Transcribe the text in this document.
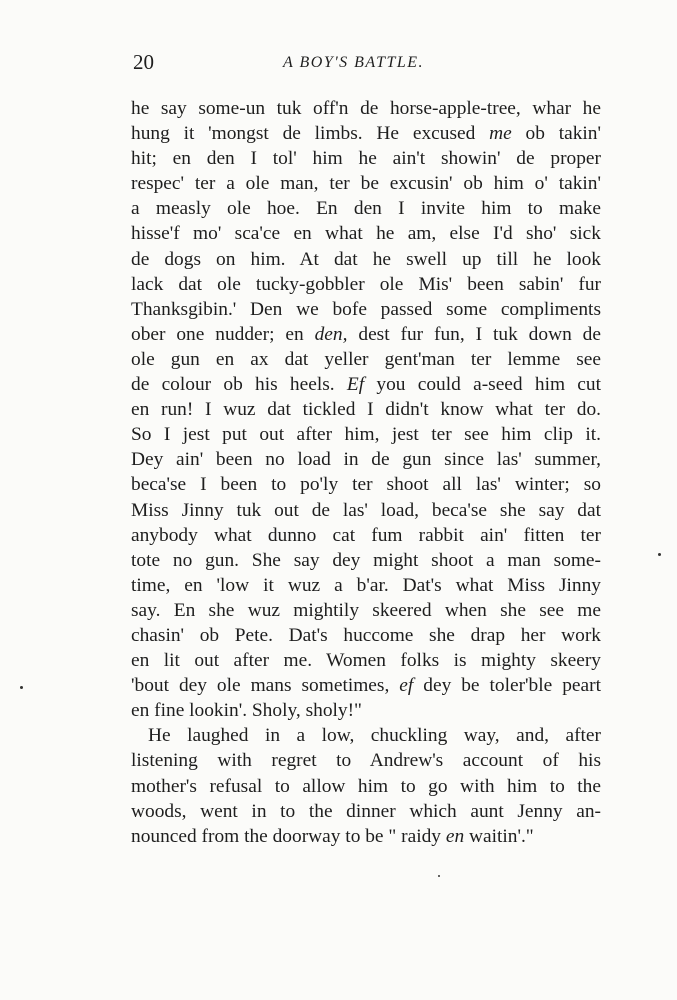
20	A BOY'S BATTLE.
he say some-un tuk off'n de horse-apple-tree, whar he
hung it 'mongst de limbs. He excused me ob takin'
hit; en den I tol' him he ain't showin' de proper
respec' ter a ole man, ter be excusin' ob him o' takin'
a measly ole hoe. En den I invite him to make
hisse'f mo' sca'ce en what he am, else I'd sho' sick
de dogs on him. At dat he swell up till he look
lack dat ole tucky-gobbler ole Mis' been sabin' fur
Thanksgibin.' Den we bofe passed some compliments
ober one nudder; en den, dest fur fun, I tuk down de
ole gun en ax dat yeller gent'man ter lemme see
de colour ob his heels. Ef you could a-seed him cut
en run! I wuz dat tickled I didn't know what ter do.
So I jest put out after him, jest ter see him clip it.
Dey ain' been no load in de gun since las' summer,
beca'se I been to po'ly ter shoot all las' winter; so
Miss Jinny tuk out de las' load, beca'se she say dat
anybody what dunno cat fum rabbit ain' fitten ter
tote no gun. She say dey might shoot a man some-
time, en 'low it wuz a b'ar. Dat's what Miss Jinny
say. En she wuz mightily skeered when she see me
chasin' ob Pete. Dat's huccome she drap her work
en lit out after me. Women folks is mighty skeery
'bout dey ole mans sometimes, ef dey be toler'ble peart
en fine lookin'. Sholy, sholy!"
He laughed in a low, chuckling way, and, after
listening with regret to Andrew's account of his
mother's refusal to allow him to go with him to the
woods, went in to the dinner which aunt Jenny an-
nounced from the doorway to be " raidy en waitin'."
